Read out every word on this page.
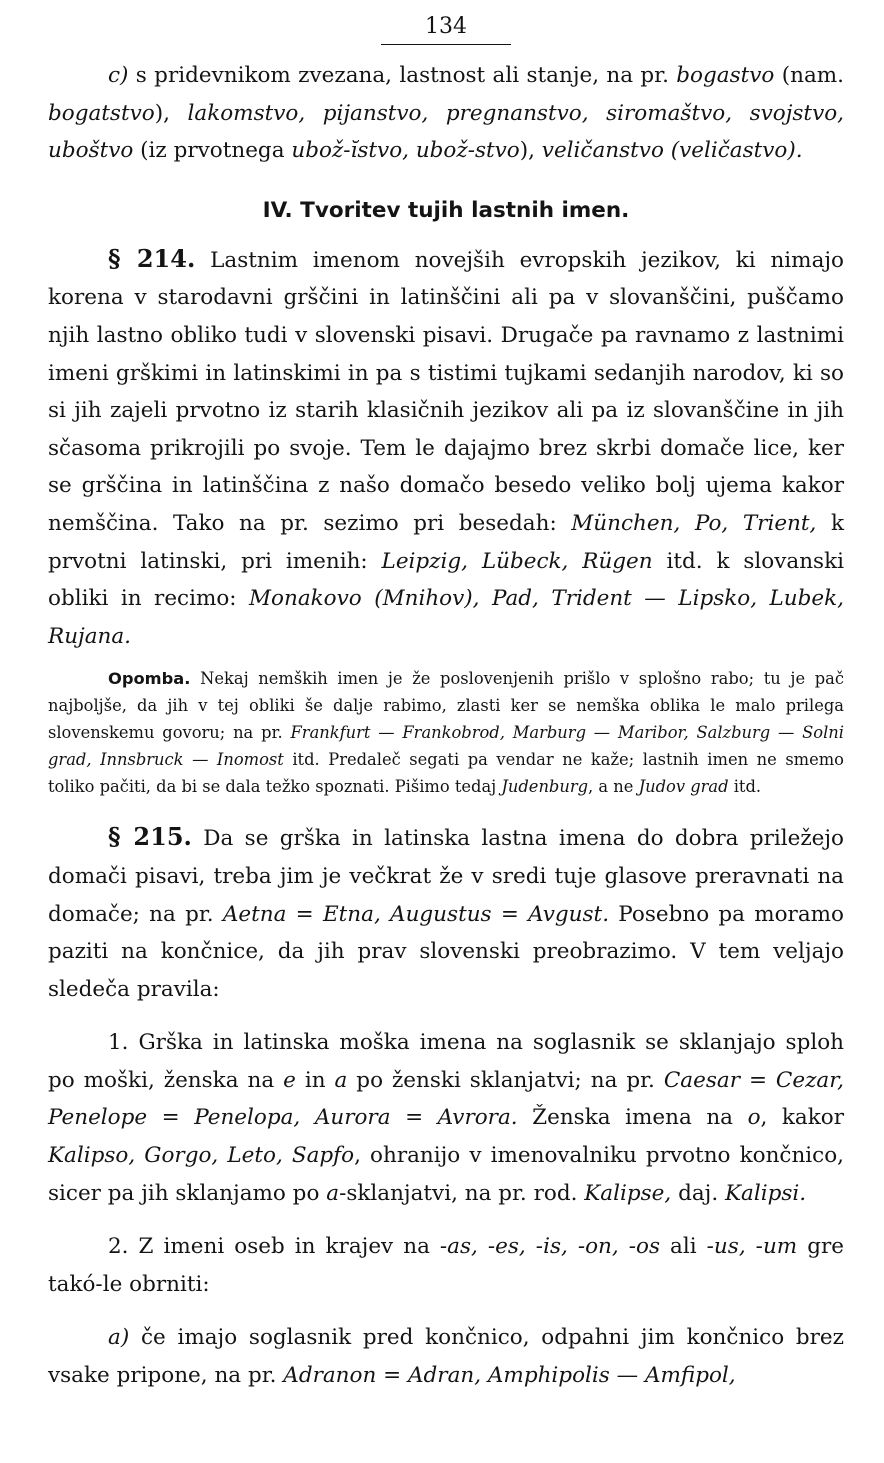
134

c) s pridevnikom zvezana, lastnost ali stanje, na pr. bogastvo (nam. bogatstvo), lakomstvo, pijanstvo, pregnanstvo, siromaštvo, svojstvo, uboštvo (iz prvotnega ubož-ĭstvo, ubož-stvo), veličanstvo (veličastvo).

IV. Tvoritev tujih lastnih imen.

§ 214. Lastnim imenom novejših evropskih jezikov, ki nimajo korena v starodavni grščini in latinščini ali pa v slovanščini, puščamo njih lastno obliko tudi v slovenski pisavi. Drugače pa ravnamo z lastnimi imeni grškimi in latinskimi in pa s tistimi tujkami sedanjih narodov, ki so si jih zajeli prvotno iz starih klasičnih jezikov ali pa iz slovanščine in jih sčasoma prikrojili po svoje. Tem le dajajmo brez skrbi domače lice, ker se grščina in latinščina z našo domačo besedo veliko bolj ujema kakor nemščina. Tako na pr. sezimo pri besedah: München, Po, Trient, k prvotni latinski, pri imenih: Leipzig, Lübeck, Rügen itd. k slovanski obliki in recimo: Monakovo (Mnihov), Pad, Trident — Lipsko, Lubek, Rujana.

Opomba. Nekaj nemških imen je že poslovenjenih prišlo v splošno rabo; tu je pač najboljše, da jih v tej obliki še dalje rabimo, zlasti ker se nemška oblika le malo prilega slovenskemu govoru; na pr. Frankfurt — Frankobrod, Marburg — Maribor, Salzburg — Solni grad, Innsbruck — Inomost itd. Predaleč segati pa vendar ne kaže; lastnih imen ne smemo toliko pačiti, da bi se dala težko spoznati. Pišimo tedaj Judenburg, a ne Judov grad itd.

§ 215. Da se grška in latinska lastna imena do dobra priležejo domači pisavi, treba jim je večkrat že v sredi tuje glasove preravnati na domače; na pr. Aetna = Etna, Augustus = Avgust. Posebno pa moramo paziti na končnice, da jih prav slovenski preobrazimo. V tem veljajo sledeča pravila:

1. Grška in latinska moška imena na soglasnik se sklanjajo sploh po moški, ženska na e in a po ženski sklanjatvi; na pr. Caesar = Cezar, Penelope = Penelopa, Aurora = Avrora. Ženska imena na o, kakor Kalipso, Gorgo, Leto, Sapfo, ohranijo v imenovalniku prvotno končnico, sicer pa jih sklanjamo po a-sklanjatvi, na pr. rod. Kalipse, daj. Kalipsi.

2. Z imeni oseb in krajev na -as, -es, -is, -on, -os ali -us, -um gre takó-le obrniti:

a) če imajo soglasnik pred končnico, odpahni jim končnico brez vsake pripone, na pr. Adranon = Adran, Amphipolis — Amfipol,
